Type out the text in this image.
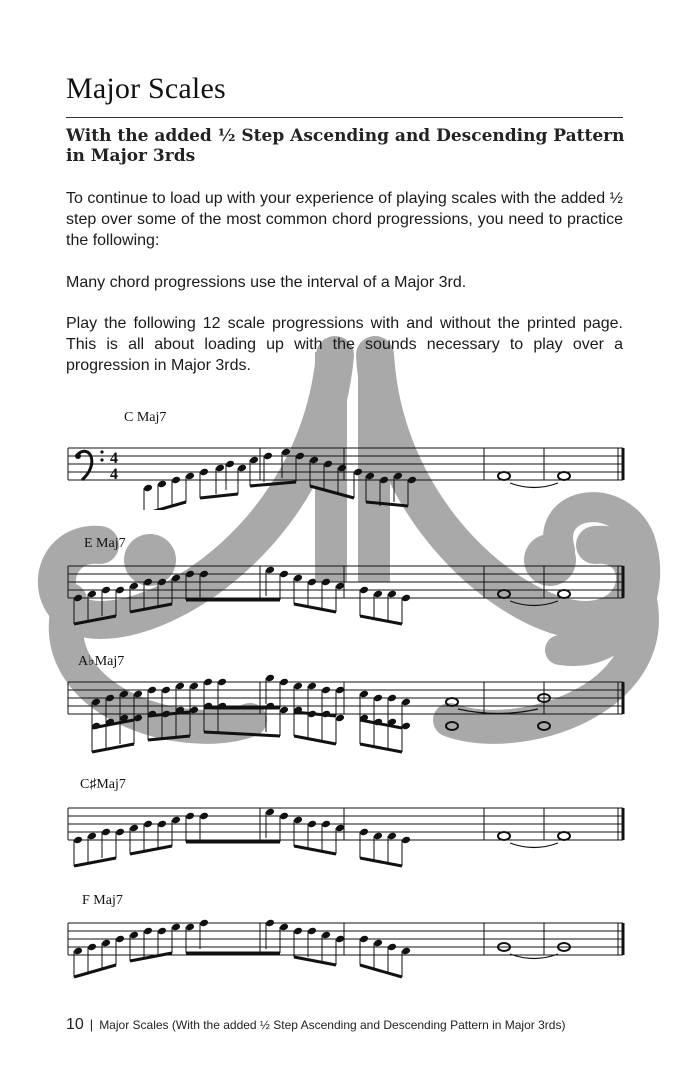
Major Scales
With the added ½ Step Ascending and Descending Pattern in Major 3rds

To continue to load up with your experience of playing scales with the added ½ step over some of the most common chord progressions, you need to practice the following:

Many chord progressions use the interval of a Major 3rd.

Play the following 12 scale progressions with and without the printed page. This is all about loading up with the sounds necessary to play over a progression in Major 3rds.

C Maj7
E Maj7
A♭Maj7
C♯Maj7
F Maj7
4
4
10 | Major Scales (With the added ½ Step Ascending and Descending Pattern in Major 3rds)
